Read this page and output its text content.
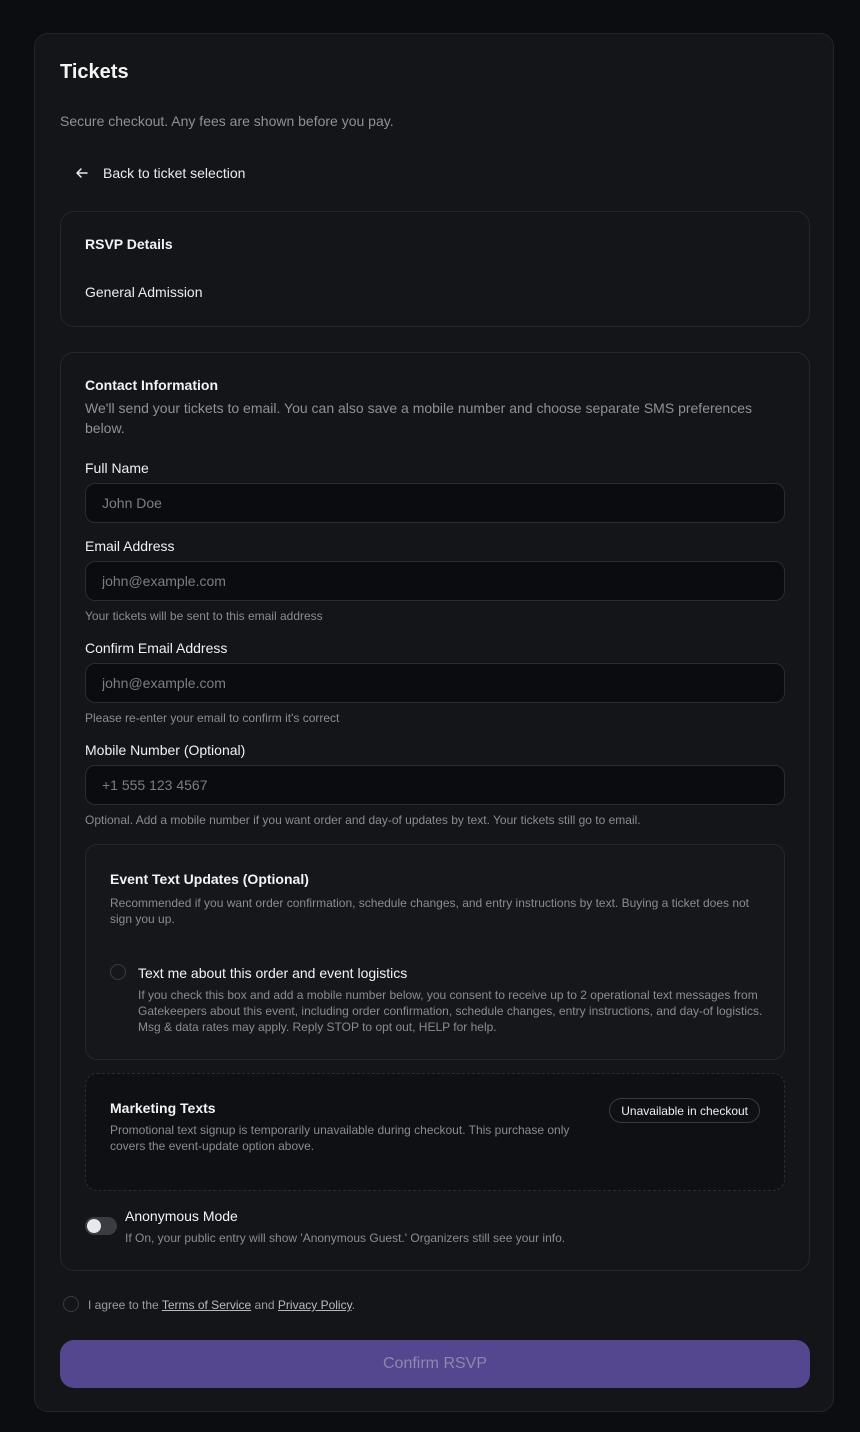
Tickets
Secure checkout. Any fees are shown before you pay.
Back to ticket selection
RSVP Details
General Admission
Contact Information
We'll send your tickets to email. You can also save a mobile number and choose separate SMS preferences below.
Full Name
John Doe
Email Address
john@example.com
Your tickets will be sent to this email address
Confirm Email Address
john@example.com
Please re-enter your email to confirm it's correct
Mobile Number (Optional)
+1 555 123 4567
Optional. Add a mobile number if you want order and day-of updates by text. Your tickets still go to email.
Event Text Updates (Optional)
Recommended if you want order confirmation, schedule changes, and entry instructions by text. Buying a ticket does not sign you up.
Text me about this order and event logistics
If you check this box and add a mobile number below, you consent to receive up to 2 operational text messages from Gatekeepers about this event, including order confirmation, schedule changes, entry instructions, and day-of logistics. Msg & data rates may apply. Reply STOP to opt out, HELP for help.
Marketing Texts
Promotional text signup is temporarily unavailable during checkout. This purchase only covers the event-update option above.
Unavailable in checkout
Anonymous Mode
If On, your public entry will show 'Anonymous Guest.' Organizers still see your info.
I agree to the Terms of Service and Privacy Policy.
Confirm RSVP
